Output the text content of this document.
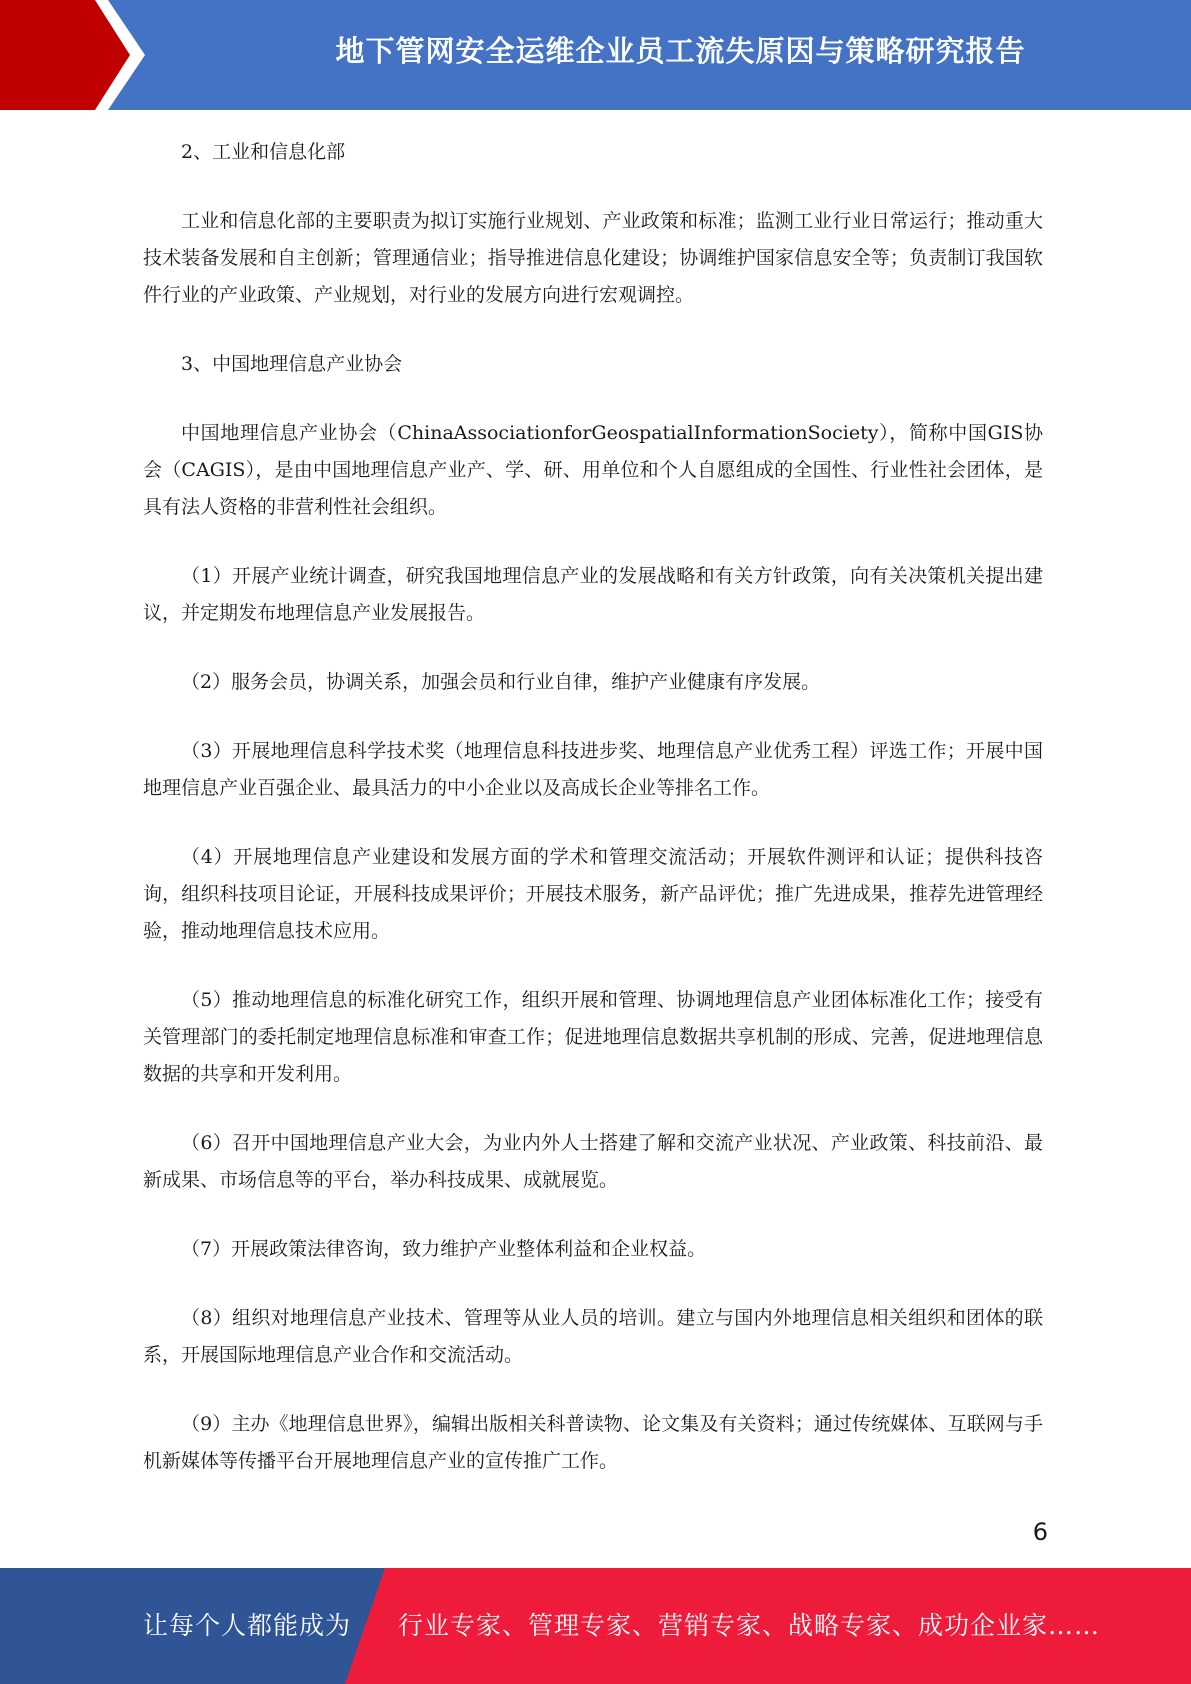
地下管网安全运维企业员工流失原因与策略研究报告

2、工业和信息化部

工业和信息化部的主要职责为拟订实施行业规划、产业政策和标准；监测工业行业日常运行；推动重大技术装备发展和自主创新；管理通信业；指导推进信息化建设；协调维护国家信息安全等；负责制订我国软件行业的产业政策、产业规划，对行业的发展方向进行宏观调控。

3、中国地理信息产业协会

中国地理信息产业协会（ChinaAssociationforGeospatialInformationSociety），简称中国GIS协会（CAGIS），是由中国地理信息产业产、学、研、用单位和个人自愿组成的全国性、行业性社会团体，是具有法人资格的非营利性社会组织。

（1）开展产业统计调查，研究我国地理信息产业的发展战略和有关方针政策，向有关决策机关提出建议，并定期发布地理信息产业发展报告。

（2）服务会员，协调关系，加强会员和行业自律，维护产业健康有序发展。

（3）开展地理信息科学技术奖（地理信息科技进步奖、地理信息产业优秀工程）评选工作；开展中国地理信息产业百强企业、最具活力的中小企业以及高成长企业等排名工作。

（4）开展地理信息产业建设和发展方面的学术和管理交流活动；开展软件测评和认证；提供科技咨询，组织科技项目论证，开展科技成果评价；开展技术服务，新产品评优；推广先进成果，推荐先进管理经验，推动地理信息技术应用。

（5）推动地理信息的标准化研究工作，组织开展和管理、协调地理信息产业团体标准化工作；接受有关管理部门的委托制定地理信息标准和审查工作；促进地理信息数据共享机制的形成、完善，促进地理信息数据的共享和开发利用。

（6）召开中国地理信息产业大会，为业内外人士搭建了解和交流产业状况、产业政策、科技前沿、最新成果、市场信息等的平台，举办科技成果、成就展览。

（7）开展政策法律咨询，致力维护产业整体利益和企业权益。

（8）组织对地理信息产业技术、管理等从业人员的培训。建立与国内外地理信息相关组织和团体的联系，开展国际地理信息产业合作和交流活动。

（9）主办《地理信息世界》，编辑出版相关科普读物、论文集及有关资料；通过传统媒体、互联网与手机新媒体等传播平台开展地理信息产业的宣传推广工作。

6
让每个人都能成为 行业专家、管理专家、营销专家、战略专家、成功企业家……
